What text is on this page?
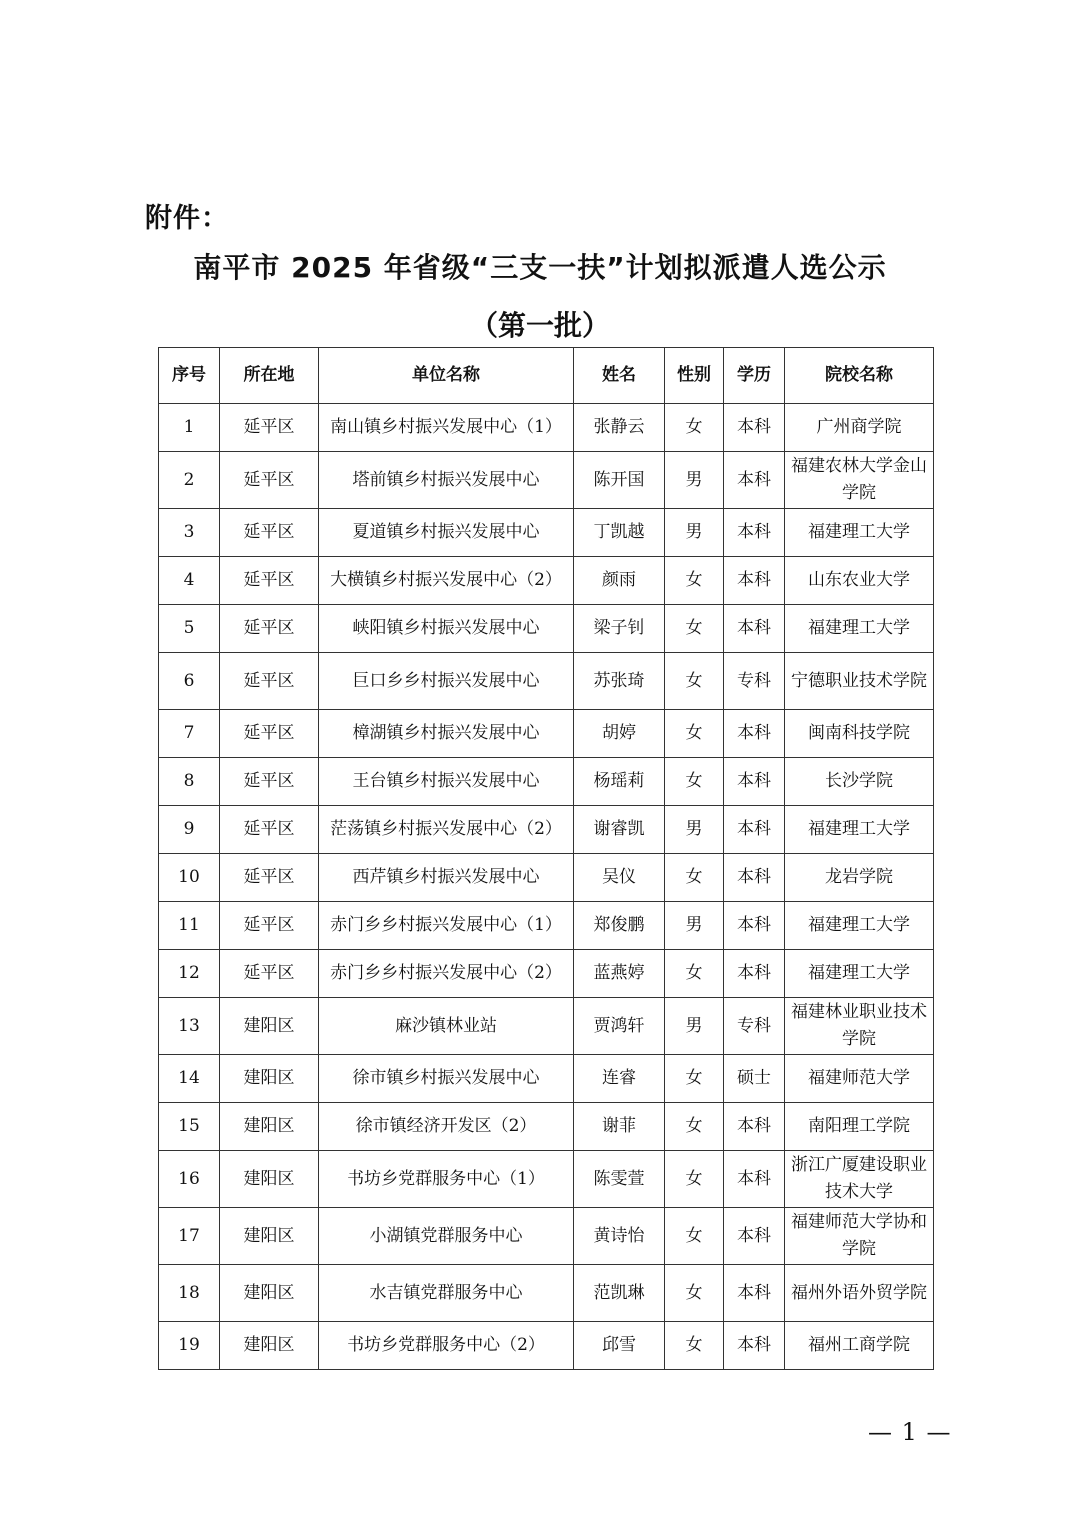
附件：
南平市 2025 年省级“三支一扶”计划拟派遣人选公示
（第一批）
序号	所在地	单位名称	姓名	性别	学历	院校名称
1	延平区	南山镇乡村振兴发展中心（1）	张静云	女	本科	广州商学院
2	延平区	塔前镇乡村振兴发展中心	陈开国	男	本科	福建农林大学金山学院
3	延平区	夏道镇乡村振兴发展中心	丁凯越	男	本科	福建理工大学
4	延平区	大横镇乡村振兴发展中心（2）	颜雨	女	本科	山东农业大学
5	延平区	峡阳镇乡村振兴发展中心	梁子钊	女	本科	福建理工大学
6	延平区	巨口乡乡村振兴发展中心	苏张琦	女	专科	宁德职业技术学院
7	延平区	樟湖镇乡村振兴发展中心	胡婷	女	本科	闽南科技学院
8	延平区	王台镇乡村振兴发展中心	杨瑶莉	女	本科	长沙学院
9	延平区	茫荡镇乡村振兴发展中心（2）	谢睿凯	男	本科	福建理工大学
10	延平区	西芹镇乡村振兴发展中心	吴仪	女	本科	龙岩学院
11	延平区	赤门乡乡村振兴发展中心（1）	郑俊鹏	男	本科	福建理工大学
12	延平区	赤门乡乡村振兴发展中心（2）	蓝燕婷	女	本科	福建理工大学
13	建阳区	麻沙镇林业站	贾鸿轩	男	专科	福建林业职业技术学院
14	建阳区	徐市镇乡村振兴发展中心	连睿	女	硕士	福建师范大学
15	建阳区	徐市镇经济开发区（2）	谢菲	女	本科	南阳理工学院
16	建阳区	书坊乡党群服务中心（1）	陈雯萱	女	本科	浙江广厦建设职业技术大学
17	建阳区	小湖镇党群服务中心	黄诗怡	女	本科	福建师范大学协和学院
18	建阳区	水吉镇党群服务中心	范凯琳	女	本科	福州外语外贸学院
19	建阳区	书坊乡党群服务中心（2）	邱雪	女	本科	福州工商学院
— 1 —
